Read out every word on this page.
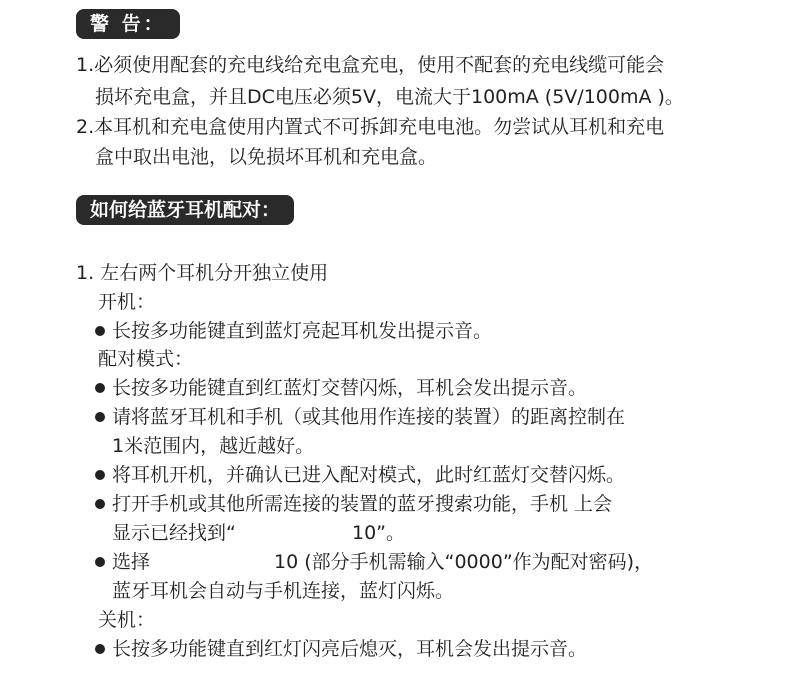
警 告：
1.必须使用配套的充电线给充电盒充电，使用不配套的充电线缆可能会
损坏充电盒，并且DC电压必须5V，电流大于100mA (5V/100mA )。
2.本耳机和充电盒使用内置式不可拆卸充电电池。勿尝试从耳机和充电
盒中取出电池，以免损坏耳机和充电盒。
如何给蓝牙耳机配对：
1. 左右两个耳机分开独立使用
开机：
长按多功能键直到蓝灯亮起耳机发出提示音。
配对模式：
长按多功能键直到红蓝灯交替闪烁，耳机会发出提示音。
请将蓝牙耳机和手机（或其他用作连接的装置）的距离控制在
1米范围内，越近越好。
将耳机开机，并确认已进入配对模式，此时红蓝灯交替闪烁。
打开手机或其他所需连接的装置的蓝牙搜索功能，手机 上会
显示已经找到“	10”。
选择	10 (部分手机需输入“0000”作为配对密码)，
蓝牙耳机会自动与手机连接，蓝灯闪烁。
关机：
长按多功能键直到红灯闪亮后熄灭，耳机会发出提示音。
